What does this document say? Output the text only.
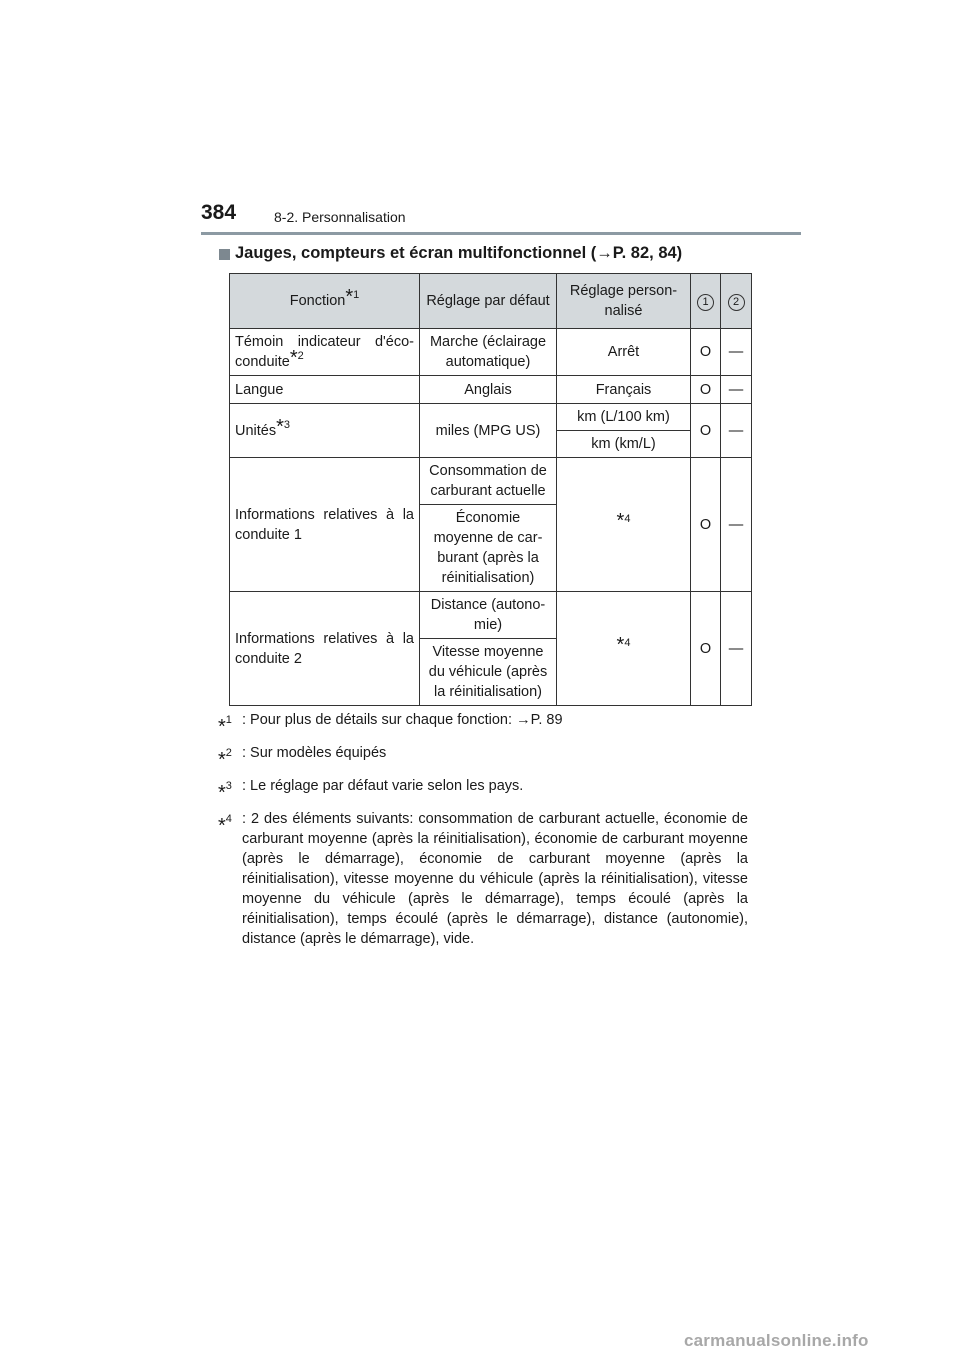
384	8-2. Personnalisation
Jauges, compteurs et écran multifonctionnel ( → P. 82, 84)
Fonction$^{*1}$	Réglage par défaut	Réglage person-nalisé	1	2
Témoin indicateur d'éco-conduite$^{*2}$	Marche (éclairage automatique)	Arrêt	O	—
Langue	Anglais	Français	O	—
Unités$^{*3}$	miles (MPG US)	km (L/100 km)	O	—
		km (km/L)		
Informations relatives à la conduite 1	Consommation de carburant actuelle	$^{*4}$	O	—
	Économie moyenne de car-burant (après la réinitialisation)			
Informations relatives à la conduite 2	Distance (autono-mie)	$^{*4}$	O	—
	Vitesse moyenne du véhicule (après la réinitialisation)			
*$^1$ : Pour plus de détails sur chaque fonction: →P. 89
*$^2$ : Sur modèles équipés
*$^3$ : Le réglage par défaut varie selon les pays.
*$^4$ : 2 des éléments suivants: consommation de carburant actuelle, économie de carburant moyenne (après la réinitialisation), économie de carburant moyenne (après le démarrage), économie de carburant moyenne (après la réinitialisation), vitesse moyenne du véhicule (après la réinitialisation), vitesse moyenne du véhicule (après le démarrage), temps écoulé (après la réinitialisation), temps écoulé (après le démarrage), distance (autonomie), distance (après le démarrage), vide.
carmanualsonline.info
